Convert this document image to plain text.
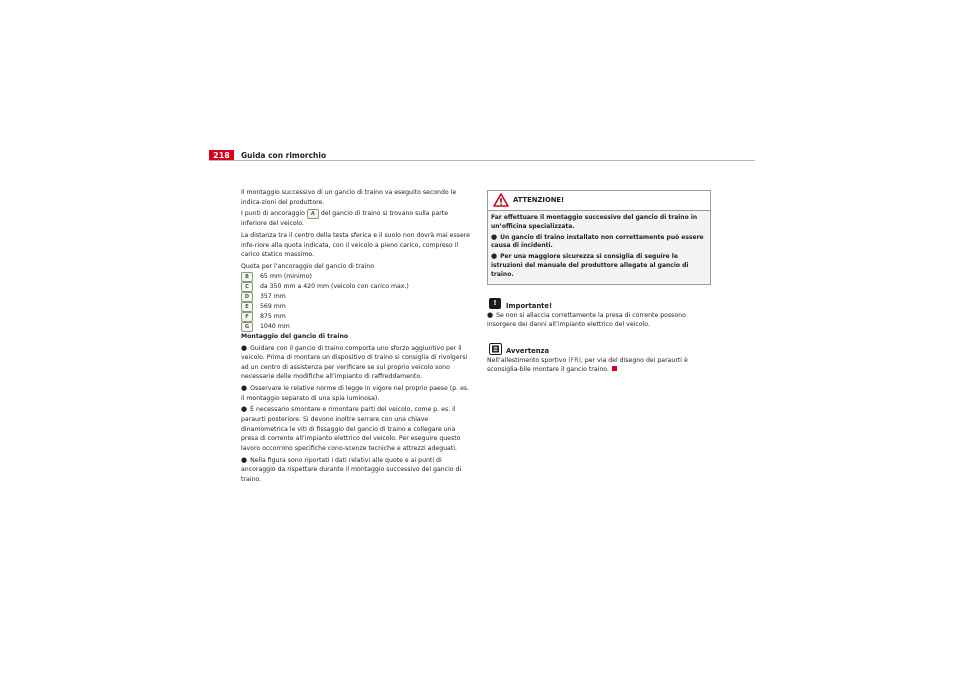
218	Guida con rimorchio

Il montaggio successivo di un gancio di traino va eseguito secondo le indica-zioni del produttore.

I punti di ancoraggio A del gancio di traino si trovano sulla parte inferiore del veicolo.

La distanza tra il centro della testa sferica e il suolo non dovrà mai essere infe-riore alla quota indicata, con il veicolo a pieno carico, compreso il carico statico massimo.

Quota per l’ancoraggio del gancio di traino

B 65 mm (minimo)
C da 350 mm a 420 mm (veicolo con carico max.)
D 357 mm
E 569 mm
F 875 mm
G 1040 mm

Montaggio del gancio di traino

● Guidare con il gancio di traino comporta uno sforzo aggiuntivo per il veicolo. Prima di montare un dispositivo di traino si consiglia di rivolgersi ad un centro di assistenza per verificare se sul proprio veicolo sono necessarie delle modifiche all’impianto di raffreddamento.

● Osservare le relative norme di legge in vigore nel proprio paese (p. es. il montaggio separato di una spia luminosa).

● È necessario smontare e rimontare parti del veicolo, come p. es. il paraurti posteriore. Si devono inoltre serrare con una chiave dinamometrica le viti di fissaggio del gancio di traino e collegare una presa di corrente all’impianto elettrico del veicolo. Per eseguire questo lavoro occorrono specifiche cono-scenze tecniche e attrezzi adeguati.

● Nella figura sono riportati i dati relativi alle quote e ai punti di ancoraggio da rispettare durante il montaggio successivo del gancio di traino.

ATTENZIONE!

Far effettuare il montaggio successivo del gancio di traino in un’officina specializzata.

● Un gancio di traino installato non correttamente può essere causa di incidenti.

● Per una maggiore sicurezza si consiglia di seguire le istruzioni del manuale del produttore allegate al gancio di traino.

!	Importante!

● Se non si allaccia correttamente la presa di corrente possono insorgere dei danni all’impianto elettrico del veicolo.

Avvertenza

Nell’allestimento sportivo (FR), per via del disegno dei paraurti è sconsiglia-bile montare il gancio traino.
